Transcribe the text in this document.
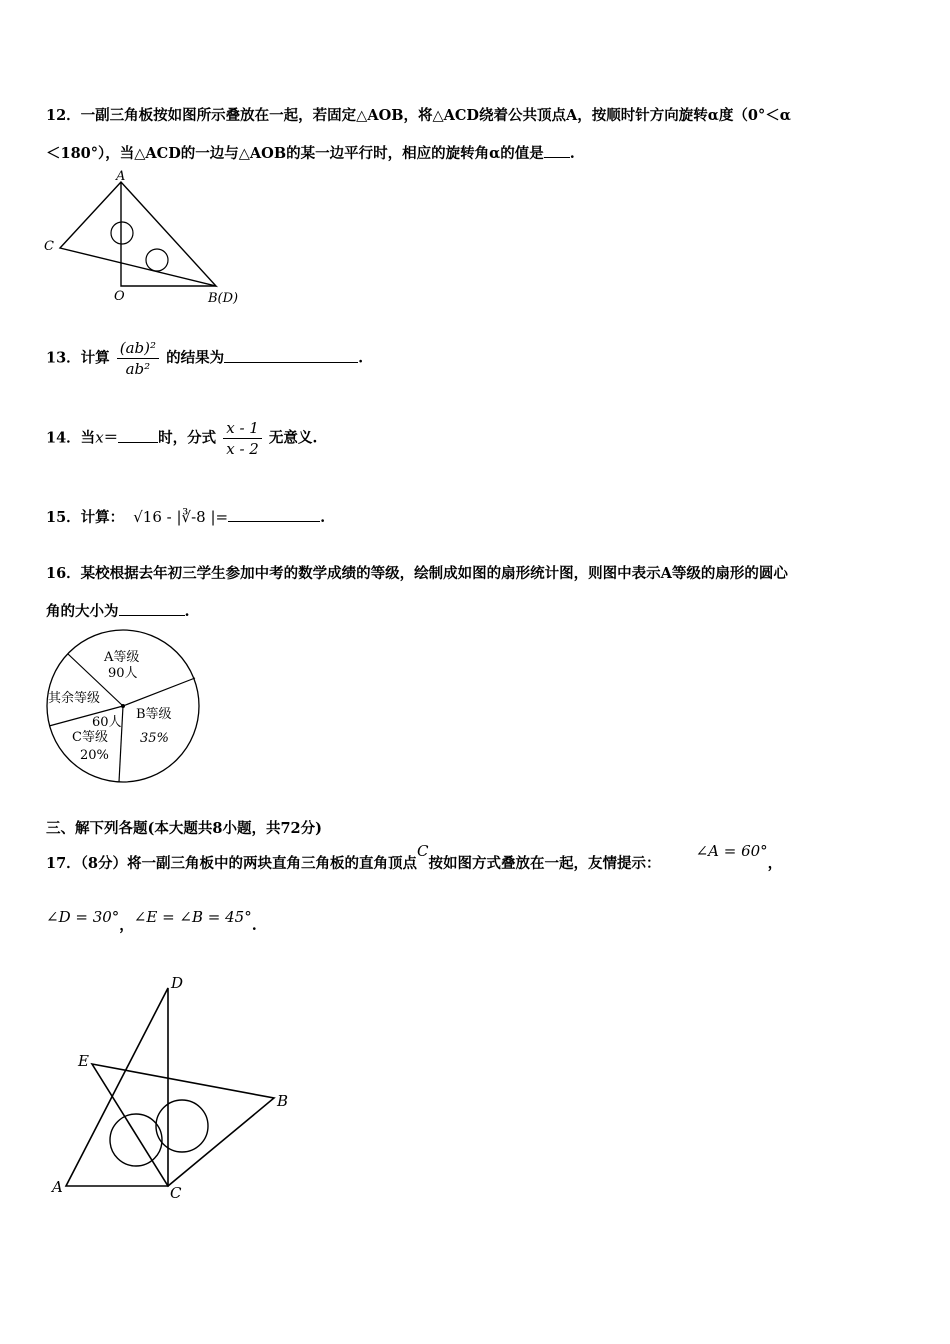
12．一副三角板按如图所示叠放在一起，若固定△AOB，将△ACD绕着公共顶点A，按顺时针方向旋转α度（0°＜α
＜180°），当△ACD的一边与△AOB的某一边平行时，相应的旋转角α的值是 .
A
C
O	B(D)
13．计算 $\frac{\text{(ab)²}}{\text{ab²}}$ 的结果为	.
14．当x＝	时，分式 $\frac{x - 1}{x - 2}$ 无意义.
15．计算： √16 - |∛-8 |=	.
16．某校根据去年初三学生参加中考的数学成绩的等级，绘制成如图的扇形统计图，则图中表示A等级的扇形的圆心
角的大小为	.
A等级
90人
其余等级
60人
B等级
35%
C等级
20%
三、解下列各题(本大题共8小题，共72分)
17．（8分）将一副三角板中的两块直角三角板的直角顶点C按如图方式叠放在一起，友情提示： ∠A = 60°，
∠D = 30°，∠E = ∠B = 45°.
D
E
B
A	C
